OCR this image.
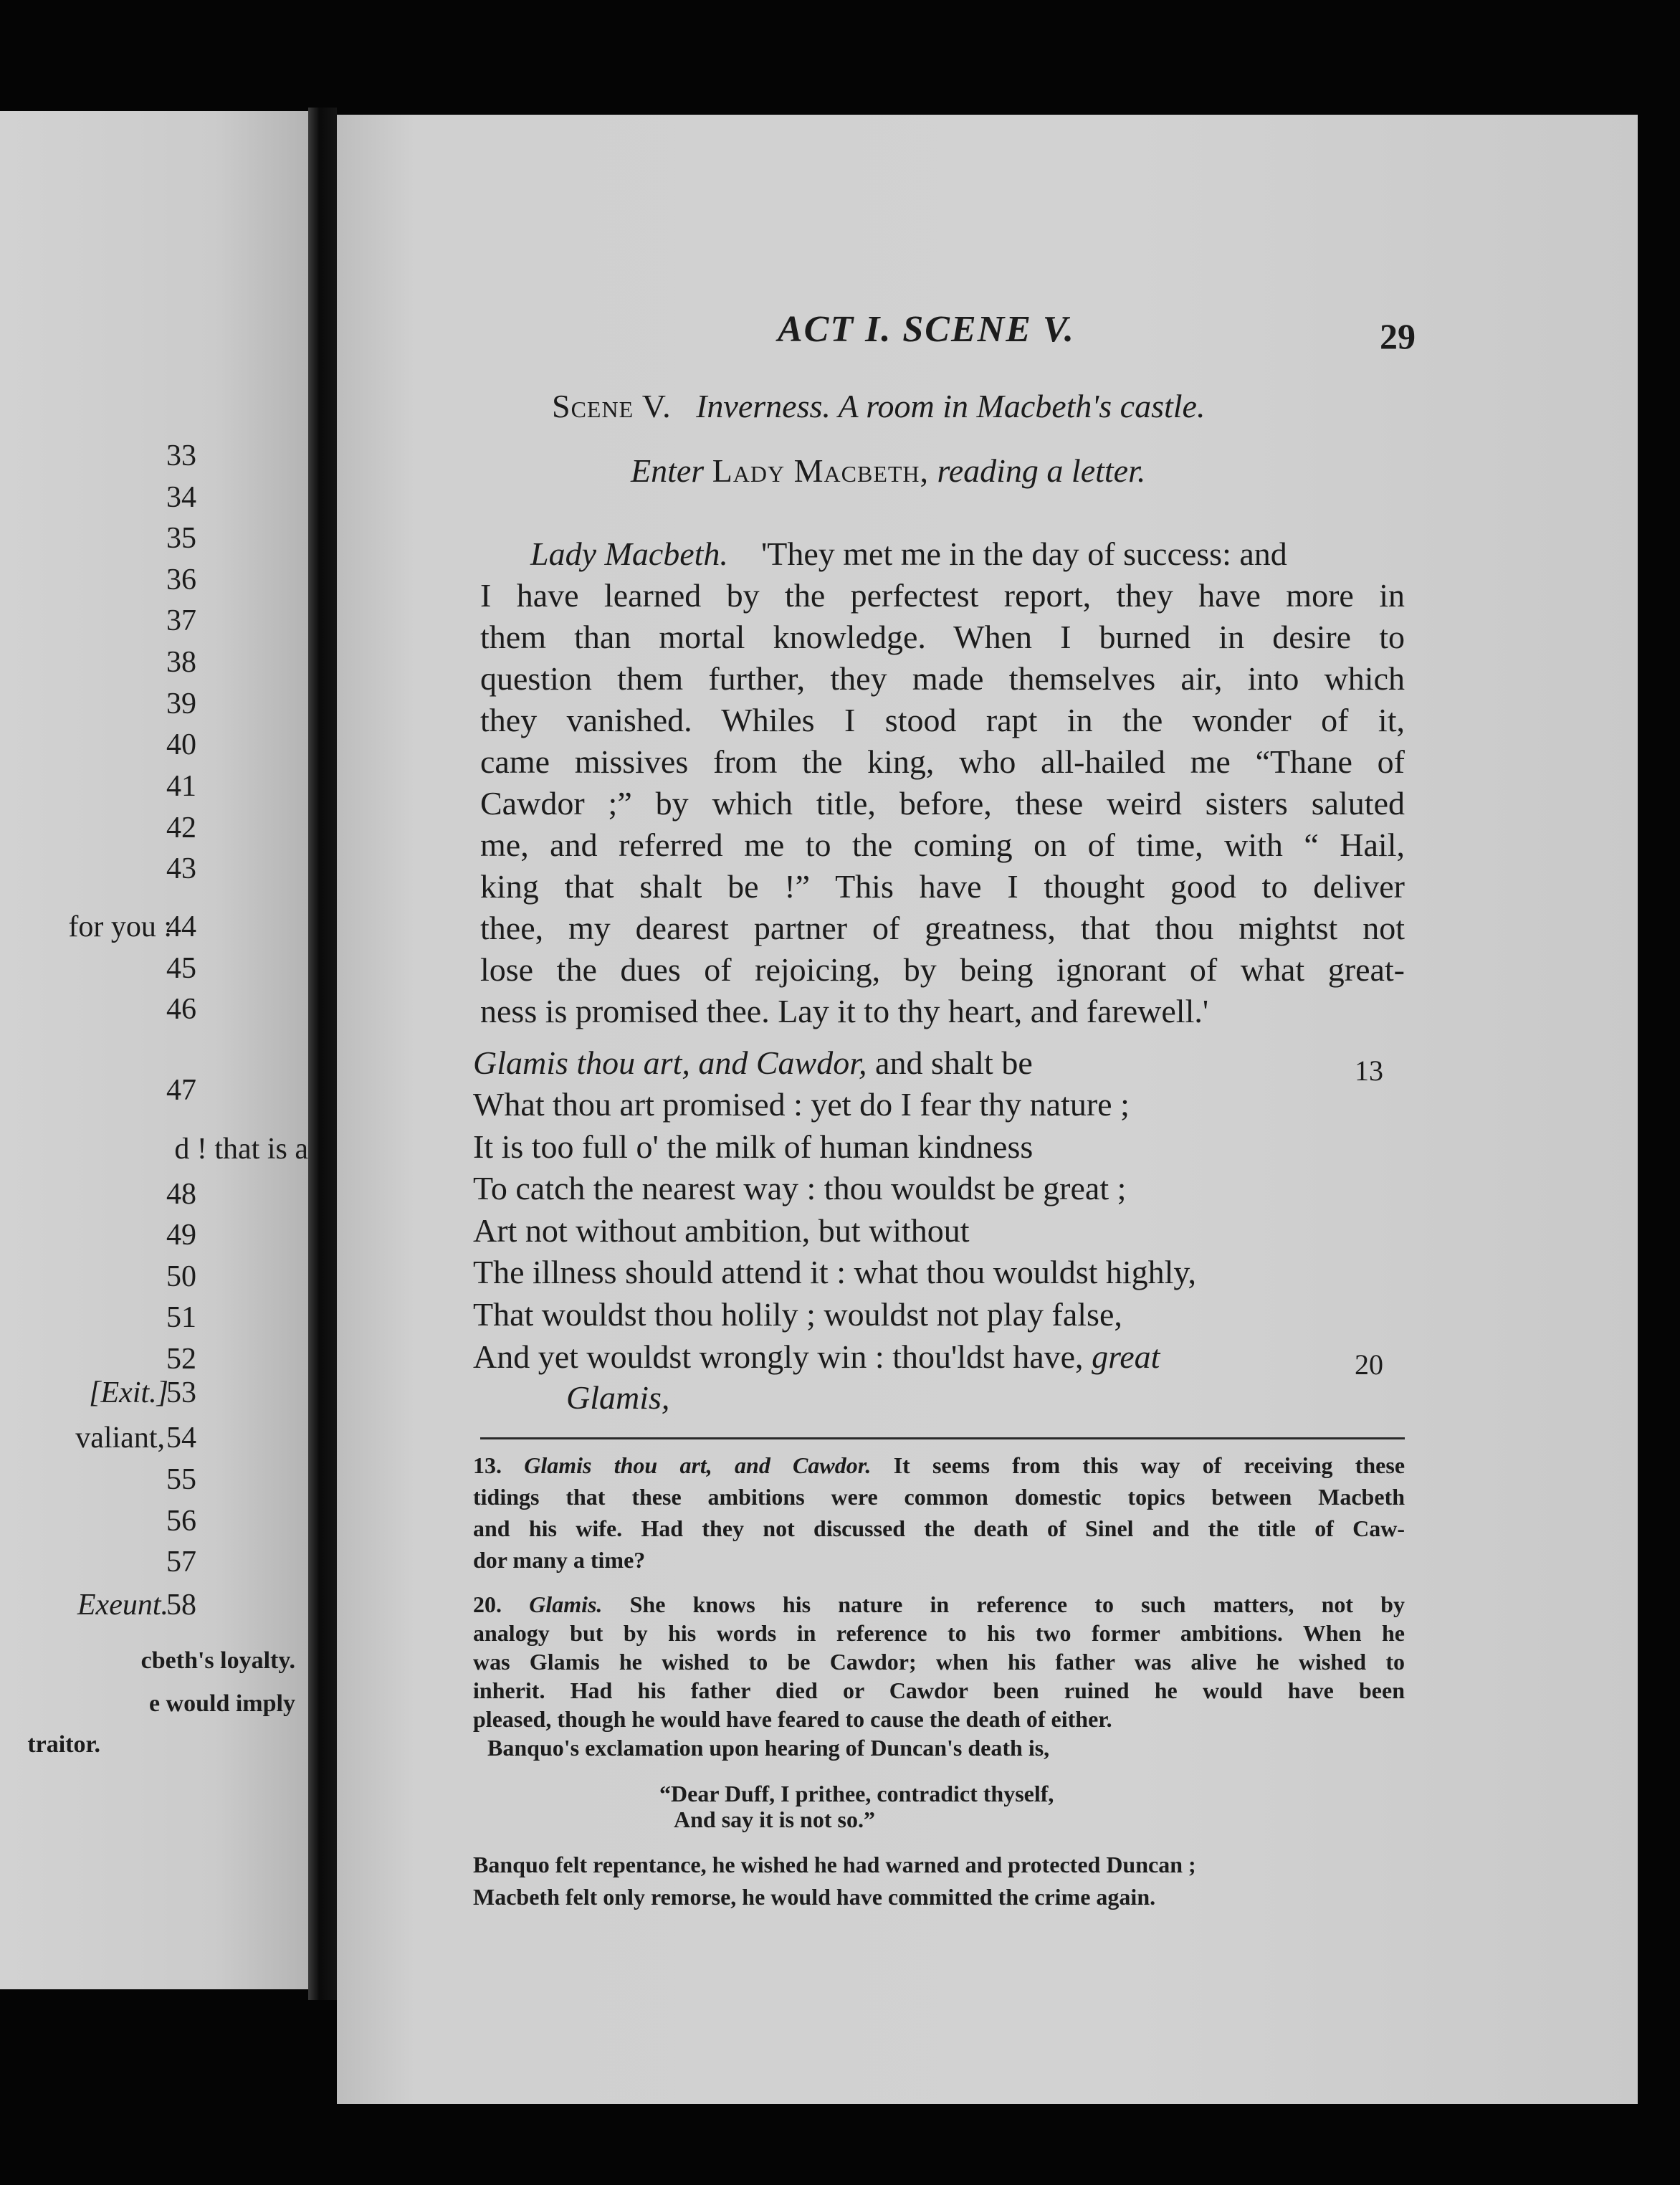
33
34
35
36
37
38
39
40
41
42
43
44
45
46
47
48
49
50
51
52
53
54
55
56
57
58
for you :
d ! that is a
[Exit.]
valiant,
Exeunt.
cbeth's loyalty.
e would imply
traitor.
ACT I. SCENE V.	29
Scene V. Inverness. A room in Macbeth's castle.
Enter Lady Macbeth, reading a letter.
Lady Macbeth. 'They met me in the day of success: and
I have learned by the perfectest report, they have more in
them than mortal knowledge. When I burned in desire to
question them further, they made themselves air, into which
they vanished. Whiles I stood rapt in the wonder of it,
came missives from the king, who all-hailed me “Thane of
Cawdor ;” by which title, before, these weird sisters saluted
me, and referred me to the coming on of time, with “ Hail,
king that shalt be !” This have I thought good to deliver
thee, my dearest partner of greatness, that thou mightst not
lose the dues of rejoicing, by being ignorant of what great-
ness is promised thee. Lay it to thy heart, and farewell.'
Glamis thou art, and Cawdor, and shalt be	13
What thou art promised : yet do I fear thy nature ;
It is too full o' the milk of human kindness
To catch the nearest way : thou wouldst be great ;
Art not without ambition, but without
The illness should attend it : what thou wouldst highly,
That wouldst thou holily ; wouldst not play false,
And yet wouldst wrongly win : thou'ldst have, great	20
Glamis,
13. Glamis thou art, and Cawdor. It seems from this way of receiving these
tidings that these ambitions were common domestic topics between Macbeth
and his wife. Had they not discussed the death of Sinel and the title of Caw-
dor many a time?
20. Glamis. She knows his nature in reference to such matters, not by
analogy but by his words in reference to his two former ambitions. When he
was Glamis he wished to be Cawdor; when his father was alive he wished to
inherit. Had his father died or Cawdor been ruined he would have been
pleased, though he would have feared to cause the death of either.
Banquo's exclamation upon hearing of Duncan's death is,
“Dear Duff, I prithee, contradict thyself,
And say it is not so.”
Banquo felt repentance, he wished he had warned and protected Duncan ;
Macbeth felt only remorse, he would have committed the crime again.
